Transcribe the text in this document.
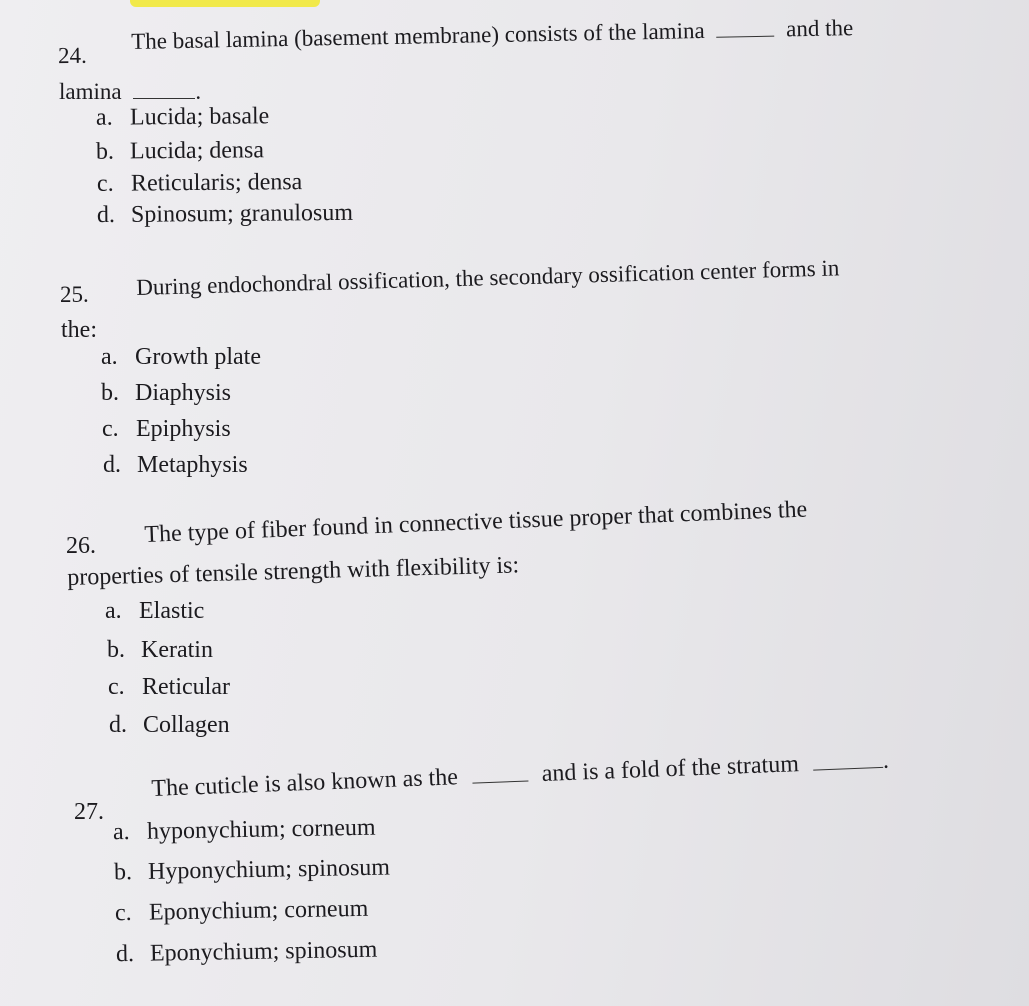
24.
The basal lamina (basement membrane) consists of the lamina	and the
lamina	.
a. Lucida; basale
b. Lucida; densa
c. Reticularis; densa
d. Spinosum; granulosum
25. During endochondral ossification, the secondary ossification center forms in
the:
a. Growth plate
b. Diaphysis
c. Epiphysis
d. Metaphysis
26. The type of fiber found in connective tissue proper that combines the
properties of tensile strength with flexibility is:
a. Elastic
b. Keratin
c. Reticular
d. Collagen
27.
The cuticle is also known as the	and is a fold of the stratum	.
a. hyponychium; corneum
b. Hyponychium; spinosum
c. Eponychium; corneum
d. Eponychium; spinosum
